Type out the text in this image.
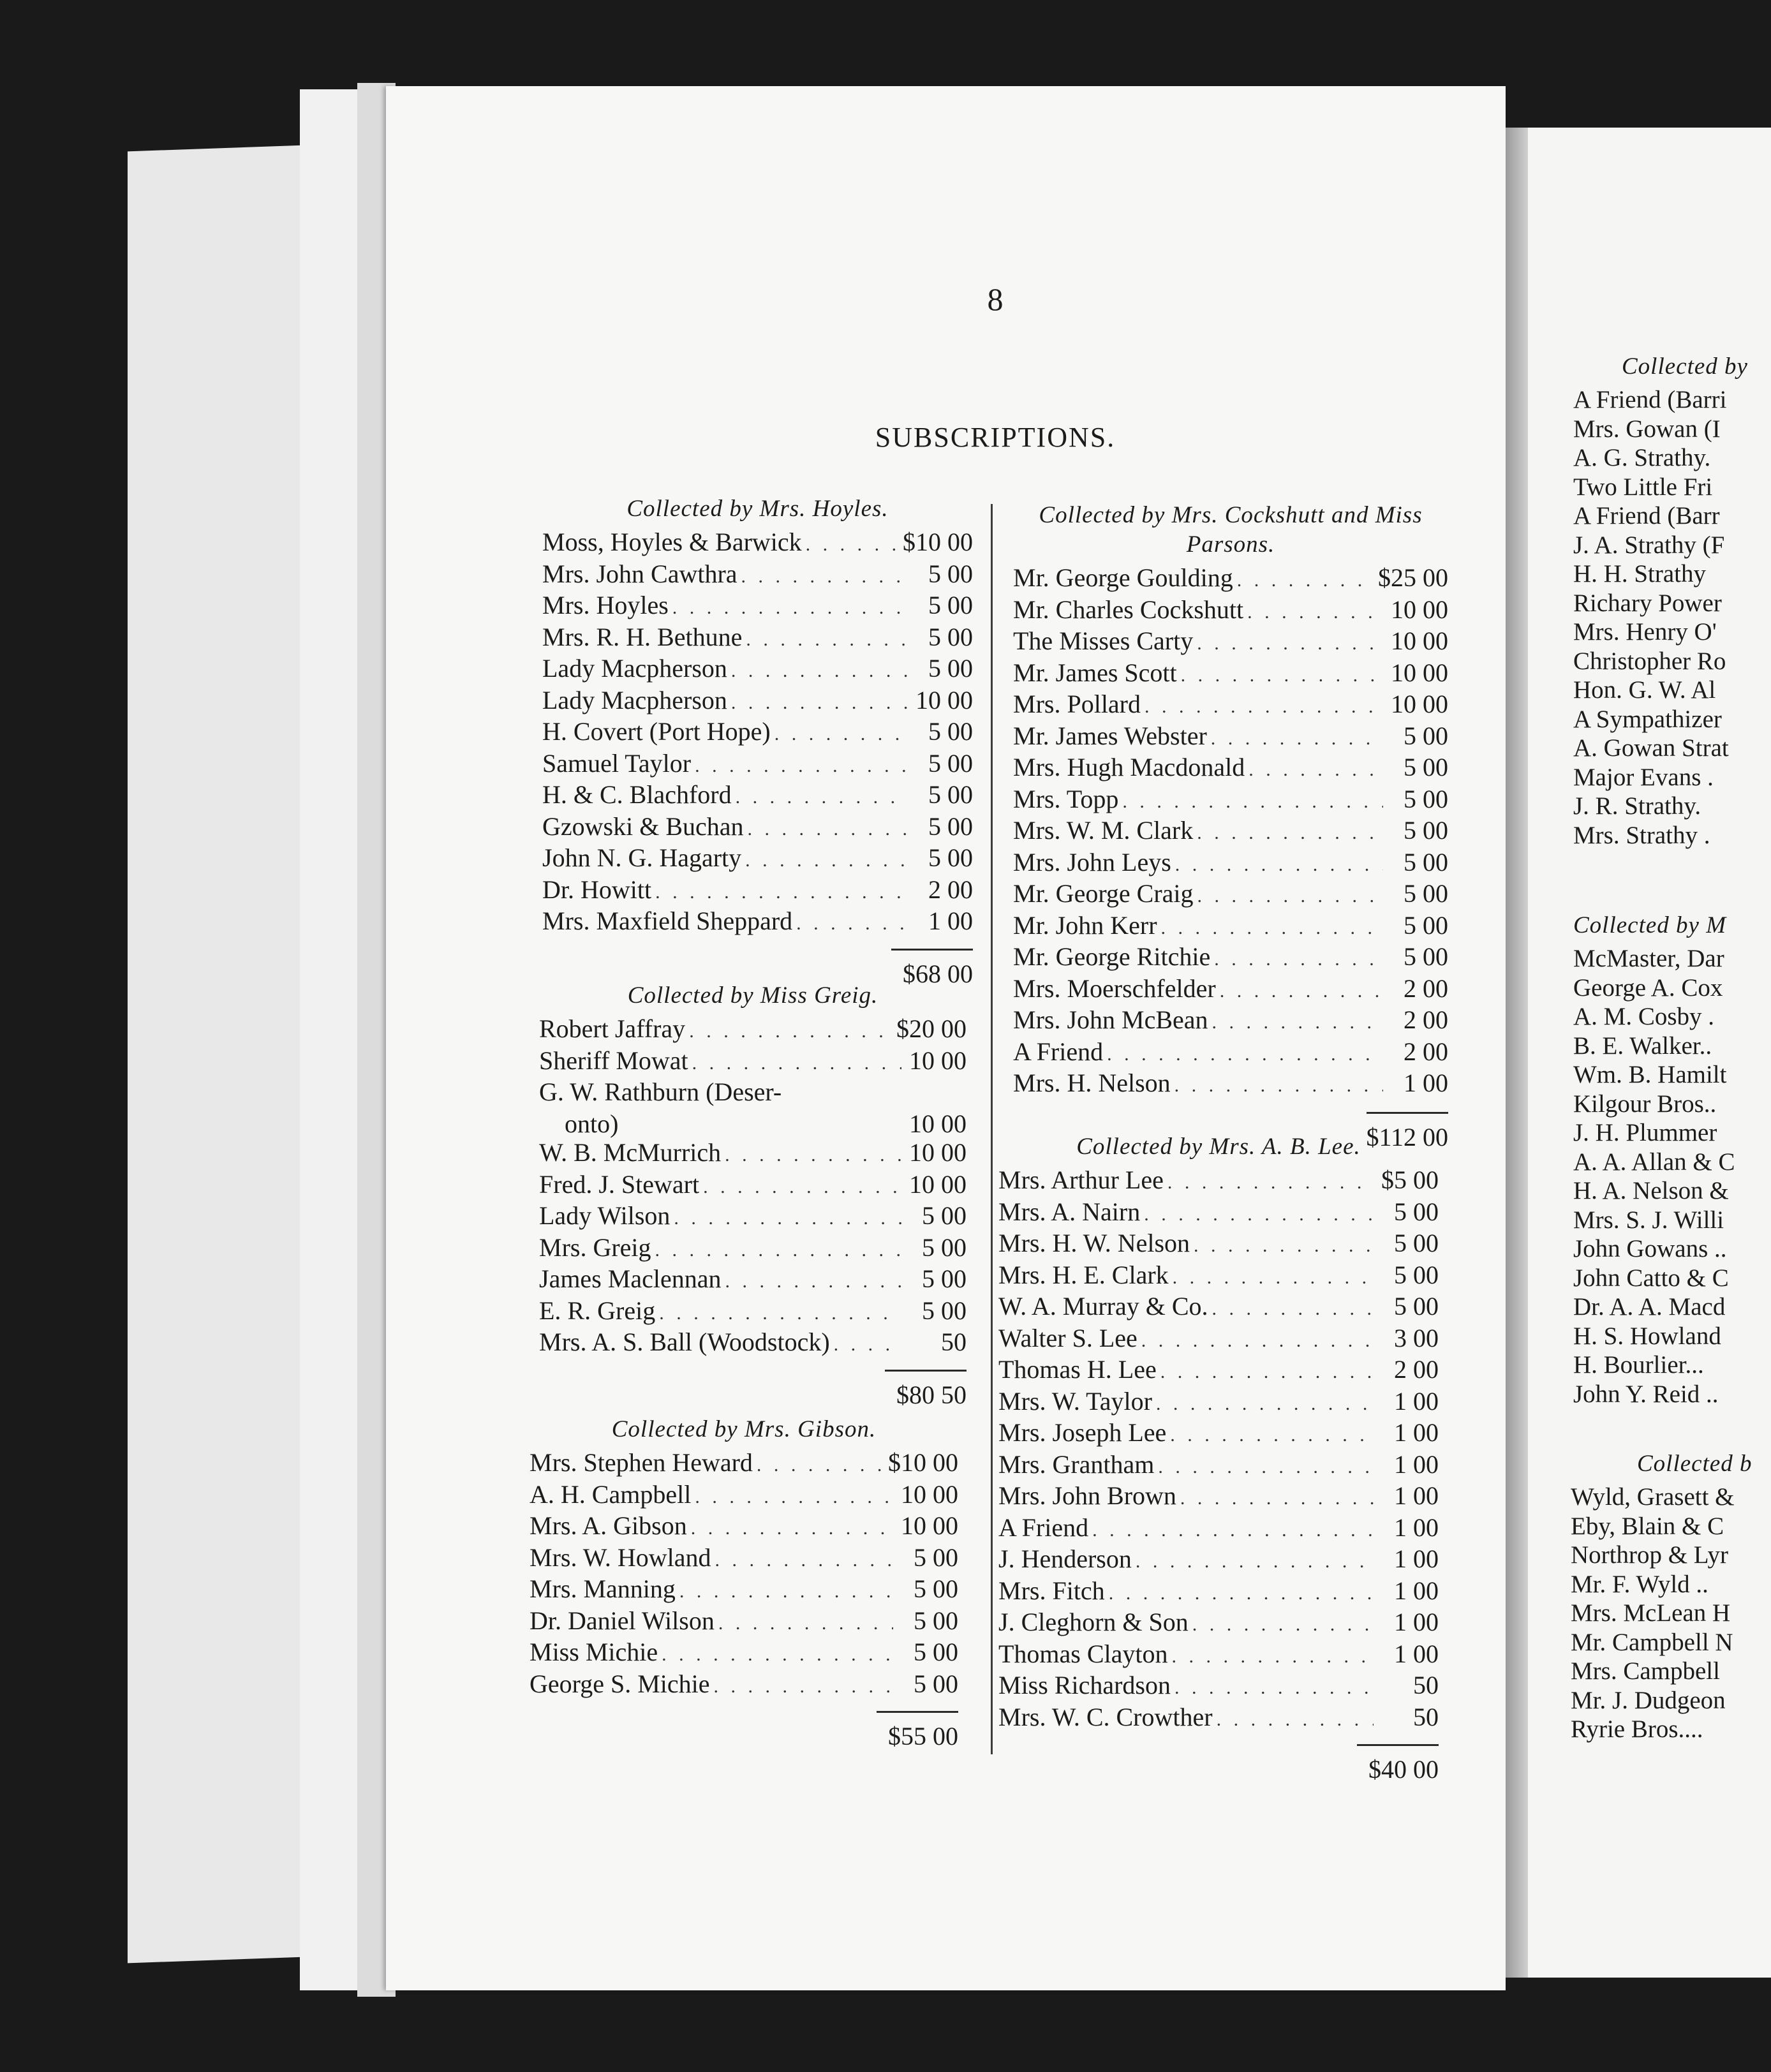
8
SUBSCRIPTIONS.
Collected by Mrs. Hoyles.
Moss, Hoyles & Barwick . . .	$10 00
Mrs. John Cawthra . . .	5 00
Mrs. Hoyles . . .	5 00
Mrs. R. H. Bethune . . .	5 00
Lady Macpherson . . .	5 00
Lady Macpherson . . .	10 00
H. Covert (Port Hope) . . .	5 00
Samuel Taylor . . .	5 00
H. & C. Blachford . . .	5 00
Gzowski & Buchan . . .	5 00
John N. G. Hagarty . . .	5 00
Dr. Howitt . . .	2 00
Mrs. Maxfield Sheppard . . .	1 00
$68 00
Collected by Miss Greig.
Robert Jaffray . . .	$20 00
Sheriff Mowat . . .	10 00
G. W. Rathburn (Deser-
onto)	10 00
W. B. McMurrich . . .	10 00
Fred. J. Stewart . . .	10 00
Lady Wilson . . .	5 00
Mrs. Greig . . .	5 00
James Maclennan . . .	5 00
E. R. Greig . . .	5 00
Mrs. A. S. Ball (Woodstock) . . .	50
$80 50
Collected by Mrs. Gibson.
Mrs. Stephen Heward . . .	$10 00
A. H. Campbell . . .	10 00
Mrs. A. Gibson . . .	10 00
Mrs. W. Howland . . .	5 00
Mrs. Manning . . .	5 00
Dr. Daniel Wilson . . .	5 00
Miss Michie . . .	5 00
George S. Michie . . .	5 00
$55 00
Collected by Mrs. Cockshutt and Miss Parsons.
Mr. George Goulding . . .	$25 00
Mr. Charles Cockshutt . . .	10 00
The Misses Carty . . .	10 00
Mr. James Scott . . .	10 00
Mrs. Pollard . . .	10 00
Mr. James Webster . . .	5 00
Mrs. Hugh Macdonald . . .	5 00
Mrs. Topp . . .	5 00
Mrs. W. M. Clark . . .	5 00
Mrs. John Leys . . .	5 00
Mr. George Craig . . .	5 00
Mr. John Kerr . . .	5 00
Mr. George Ritchie . . .	5 00
Mrs. Moerschfelder . . .	2 00
Mrs. John McBean . . .	2 00
A Friend . . .	2 00
Mrs. H. Nelson . . .	1 00
$112 00
Collected by Mrs. A. B. Lee.
Mrs. Arthur Lee . . .	$5 00
Mrs. A. Nairn . . .	5 00
Mrs. H. W. Nelson . . .	5 00
Mrs. H. E. Clark . . .	5 00
W. A. Murray & Co. . . .	5 00
Walter S. Lee . . .	3 00
Thomas H. Lee . . .	2 00
Mrs. W. Taylor . . .	1 00
Mrs. Joseph Lee . . .	1 00
Mrs. Grantham . . .	1 00
Mrs. John Brown . . .	1 00
A Friend . . .	1 00
J. Henderson . . .	1 00
Mrs. Fitch . . .	1 00
J. Cleghorn & Son . . .	1 00
Thomas Clayton . . .	1 00
Miss Richardson . . .	50
Mrs. W. C. Crowther . . .	50
$40 00
Collected by
A Friend (Barri
Mrs. Gowan (I
A. G. Strathy.
Two Little Fri
A Friend (Barr
J. A. Strathy (F
H. H. Strathy
Richary Power
Mrs. Henry O'
Christopher Ro
Hon. G. W. Al
A Sympathizer
A. Gowan Strat
Major Evans .
J. R. Strathy.
Mrs. Strathy .
Collected by M
McMaster, Dar
George A. Cox
A. M. Cosby .
B. E. Walker..
Wm. B. Hamilt
Kilgour Bros..
J. H. Plummer
A. A. Allan & C
H. A. Nelson &
Mrs. S. J. Willi
John Gowans ..
John Catto & C
Dr. A. A. Macd
H. S. Howland
H. Bourlier...
John Y. Reid ..
Collected b
Wyld, Grasett &
Eby, Blain & C
Northrop & Lyr
Mr. F. Wyld ..
Mrs. McLean H
Mr. Campbell N
Mrs. Campbell
Mr. J. Dudgeon
Ryrie Bros....
